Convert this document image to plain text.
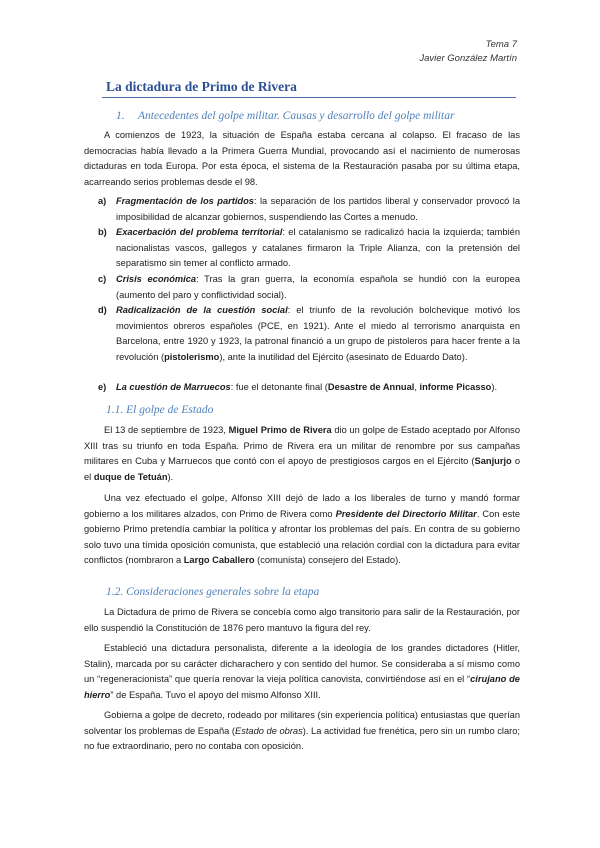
Tema 7
Javier González Martín
La dictadura de Primo de Rivera
1. Antecedentes del golpe militar. Causas y desarrollo del golpe militar
A comienzos de 1923, la situación de España estaba cercana al colapso. El fracaso de las democracias había llevado a la Primera Guerra Mundial, provocando así el nacimiento de numerosas dictaduras en toda Europa. Por esta época, el sistema de la Restauración pasaba por su última etapa, acarreando serios problemas desde el 98.
a) Fragmentación de los partidos: la separación de los partidos liberal y conservador provocó la imposibilidad de alcanzar gobiernos, suspendiendo las Cortes a menudo.
b) Exacerbación del problema territorial: el catalanismo se radicalizó hacia la izquierda; también nacionalistas vascos, gallegos y catalanes firmaron la Triple Alianza, con la pretensión del separatismo sin temer al conflicto armado.
c) Crisis económica: Tras la gran guerra, la economía española se hundió con la europea (aumento del paro y conflictividad social).
d) Radicalización de la cuestión social: el triunfo de la revolución bolchevique motivó los movimientos obreros españoles (PCE, en 1921). Ante el miedo al terrorismo anarquista en Barcelona, entre 1920 y 1923, la patronal financió a un grupo de pistoleros para hacer frente a la revolución (pistolerismo), ante la inutilidad del Ejército (asesinato de Eduardo Dato).
e) La cuestión de Marruecos: fue el detonante final (Desastre de Annual, informe Picasso).
1.1. El golpe de Estado
El 13 de septiembre de 1923, Miguel Primo de Rivera dio un golpe de Estado aceptado por Alfonso XIII tras su triunfo en toda España. Primo de Rivera era un militar de renombre por sus campañas militares en Cuba y Marruecos que contó con el apoyo de prestigiosos cargos en el Ejército (Sanjurjo o el duque de Tetuán).
Una vez efectuado el golpe, Alfonso XIII dejó de lado a los liberales de turno y mandó formar gobierno a los militares alzados, con Primo de Rivera como Presidente del Directorio Militar. Con este gobierno Primo pretendía cambiar la política y afrontar los problemas del país. En contra de su gobierno solo tuvo una tímida oposición comunista, que estableció una relación cordial con la dictadura para evitar conflictos (nombraron a Largo Caballero (comunista) consejero del Estado).
1.2. Consideraciones generales sobre la etapa
La Dictadura de primo de Rivera se concebía como algo transitorio para salir de la Restauración, por ello suspendió la Constitución de 1876 pero mantuvo la figura del rey.
Estableció una dictadura personalista, diferente a la ideología de los grandes dictadores (Hitler, Stalin), marcada por su carácter dicharachero y con sentido del humor. Se consideraba a sí mismo como un “regeneracionista” que quería renovar la vieja política canovista, convirtiéndose así en el “cirujano de hierro” de España. Tuvo el apoyo del mismo Alfonso XIII.
Gobierna a golpe de decreto, rodeado por militares (sin experiencia política) entusiastas que querían solventar los problemas de España (Estado de obras). La actividad fue frenética, pero sin un rumbo claro; no fue extraordinario, pero no contaba con oposición.
